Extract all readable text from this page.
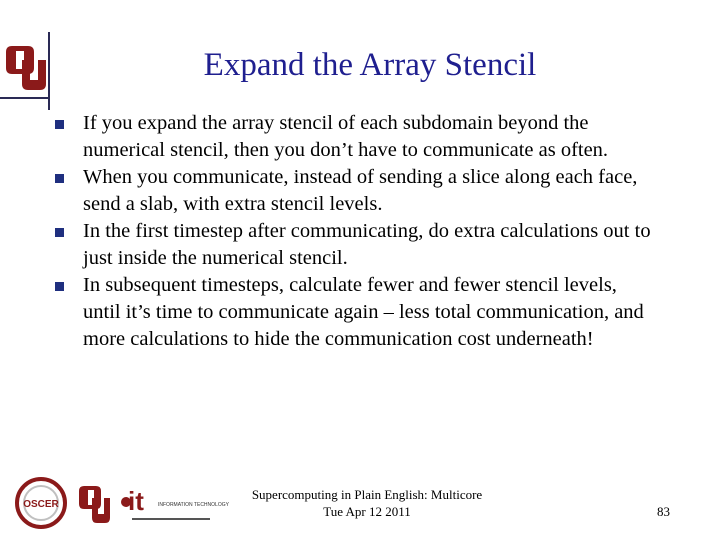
Expand the Array Stencil
If you expand the array stencil of each subdomain beyond the numerical stencil, then you don’t have to communicate as often.
When you communicate, instead of sending a slice along each face, send a slab, with extra stencil levels.
In the first timestep after communicating, do extra calculations out to just inside the numerical stencil.
In subsequent timesteps, calculate fewer and fewer stencil levels, until it’s time to communicate again – less total communication, and more calculations to hide the communication cost underneath!
OSCER	it	INFORMATION TECHNOLOGY
Supercomputing in Plain English: Multicore
Tue Apr 12 2011	83
